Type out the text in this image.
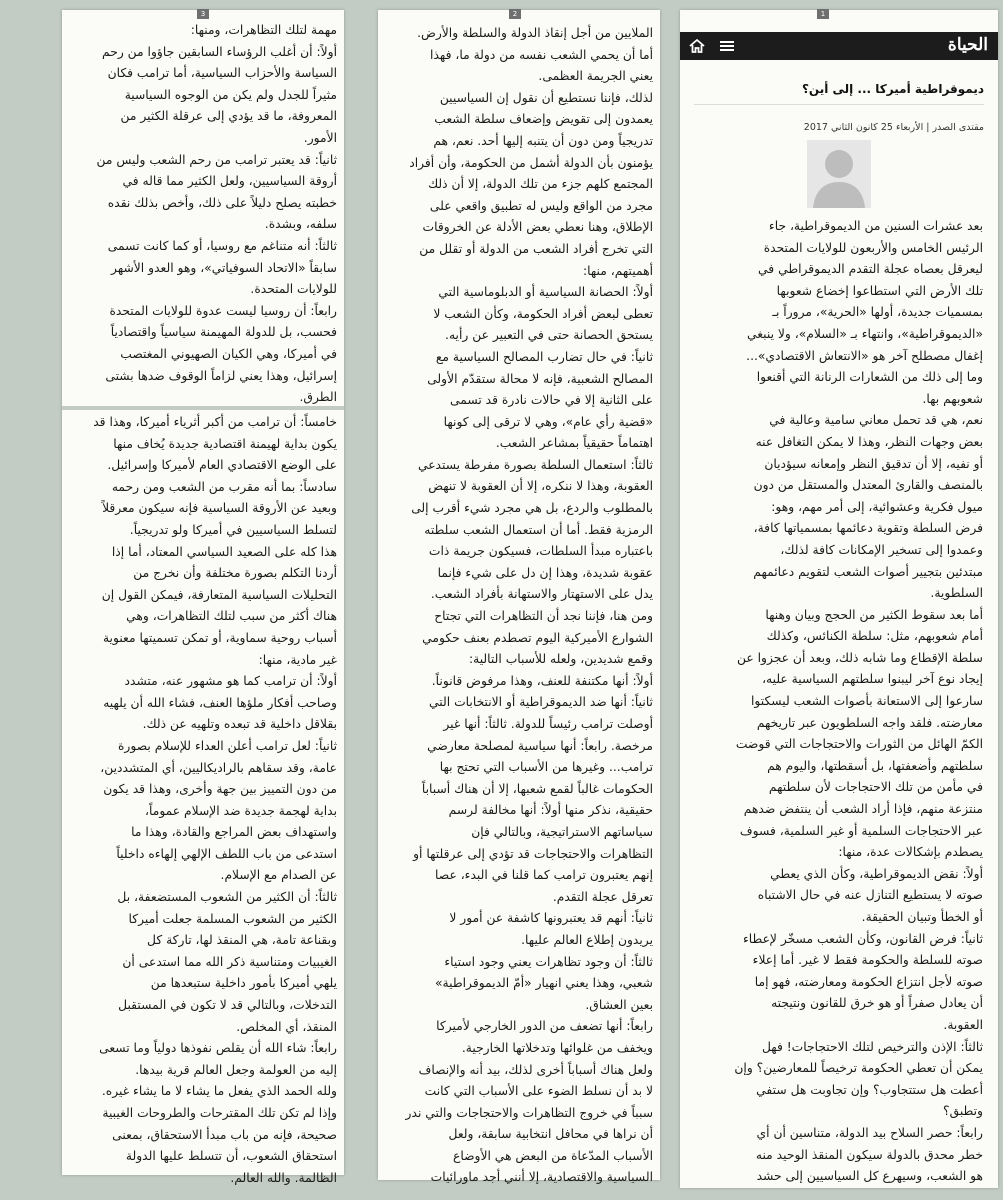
3

مهمة لتلك التظاهرات، ومنها:

أولاً: أن أغلب الرؤساء السابقين جاؤوا من رحم

السياسة والأحزاب السياسية، أما ترامب فكان

مثيراً للجدل ولم يكن من الوجوه السياسية

المعروفة، ما قد يؤدي إلى عرقلة الكثير من

الأمور.

ثانياً: قد يعتبر ترامب من رحم الشعب وليس من

أروقة السياسيين، ولعل الكثير مما قاله في

خطبته يصلح دليلاً على ذلك، وأخص بذلك نقده

سلفه، وبشدة.

ثالثاً: أنه متناغم مع روسيا، أو كما كانت تسمى

سابقاً «الاتحاد السوفياتي»، وهو العدو الأشهر

للولايات المتحدة.

رابعاً: أن روسيا ليست عدوة للولايات المتحدة

فحسب، بل للدولة المهيمنة سياسياً واقتصادياً

في أميركا، وهي الكيان الصهيوني المغتصب

إسرائيل، وهذا يعني لزاماً الوقوف ضدها بشتى

الطرق.

خامساً: أن ترامب من أكبر أثرياء أميركا، وهذا قد

يكون بداية لهيمنة اقتصادية جديدة يُخاف منها

على الوضع الاقتصادي العام لأميركا وإسرائيل.

سادساً: بما أنه مقرب من الشعب ومن رحمه

وبعيد عن الأروقة السياسية فإنه سيكون معرقلاً

لتسلط السياسيين في أميركا ولو تدريجياً.

هذا كله على الصعيد السياسي المعتاد، أما إذا

أردنا التكلم بصورة مختلفة وأن نخرج من

التحليلات السياسية المتعارفة، فيمكن القول إن

هناك أكثر من سبب لتلك التظاهرات، وهي

أسباب روحية سماوية، أو تمكن تسميتها معنوية

غير مادية، منها:

أولاً: أن ترامب كما هو مشهور عنه، متشدد

وصاحب أفكار ملؤها العنف، فشاء الله أن يلهيه

بقلاقل داخلية قد تبعده وتلهيه عن ذلك.

ثانياً: لعل ترامب أعلن العداء للإسلام بصورة

عامة، وقد سقاهم بالراديكاليين، أي المتشددين،

من دون التمييز بين جهة وأخرى، وهذا قد يكون

بداية لهجمة جديدة ضد الإسلام عموماً،

واستهداف بعض المراجع والقادة، وهذا ما

استدعى من باب اللطف الإلهي إلهاءه داخلياً

عن الصدام مع الإسلام.

ثالثاً: أن الكثير من الشعوب المستضعفة، بل

الكثير من الشعوب المسلمة جعلت أميركا

وبقناعة تامة، هي المنقذ لها، تاركة كل

الغيبيات ومتناسية ذكر الله مما استدعى أن

يلهي أميركا بأمور داخلية ستبعدها من

التدخلات، وبالتالي قد لا تكون في المستقبل

المنقذ، أي المخلص.

رابعاً: شاء الله أن يقلص نفوذها دولياً وما تسعى

إليه من العولمة وجعل العالم قرية بيدها.

ولله الحمد الذي يفعل ما يشاء لا ما يشاء غيره.

وإذا لم تكن تلك المقترحات والطروحات الغيبية

صحيحة، فإنه من باب مبدأ الاستحقاق، بمعنى

استحقاق الشعوب، أن تتسلط عليها الدولة

الظالمة. والله العالم.

2

الملايين من أجل إنقاذ الدولة والسلطة والأرض.

أما أن يحمي الشعب نفسه من دولة ما، فهذا

يعني الجريمة العظمى.

لذلك، فإننا نستطيع أن نقول إن السياسيين

يعمدون إلى تقويض وإضعاف سلطة الشعب

تدريجياً ومن دون أن يتنبه إليها أحد. نعم، هم

يؤمنون بأن الدولة أشمل من الحكومة، وأن أفراد

المجتمع كلهم جزء من تلك الدولة، إلا أن ذلك

مجرد من الواقع وليس له تطبيق واقعي على

الإطلاق، وهنا نعطي بعض الأدلة عن الخروقات

التي تخرج أفراد الشعب من الدولة أو تقلل من

أهميتهم، منها:

أولاً: الحصانة السياسية أو الدبلوماسية التي

تعطى لبعض أفراد الحكومة، وكأن الشعب لا

يستحق الحصانة حتى في التعبير عن رأيه.

ثانياً: في حال تضارب المصالح السياسية مع

المصالح الشعبية، فإنه لا محالة ستقدّم الأولى

على الثانية إلا في حالات نادرة قد تسمى

«قضية رأي عام»، وهي لا ترقى إلى كونها

اهتماماً حقيقياً بمشاعر الشعب.

ثالثاً: استعمال السلطة بصورة مفرطة يستدعي

العقوبة، وهذا لا ننكره، إلا أن العقوبة لا تنهض

بالمطلوب والردع، بل هي مجرد شيء أقرب إلى

الرمزية فقط. أما أن استعمال الشعب سلطته

باعتباره مبدأ السلطات، فسيكون جريمة ذات

عقوبة شديدة، وهذا إن دل على شيء فإنما

يدل على الاستهتار والاستهانة بأفراد الشعب.

ومن هنا، فإننا نجد أن التظاهرات التي تجتاح

الشوارع الأميركية اليوم تصطدم بعنف حكومي

وقمع شديدين، ولعله للأسباب التالية:

أولاً: أنها مكتنفة للعنف، وهذا مرفوض قانوناً.

ثانياً: أنها ضد الديموقراطية أو الانتخابات التي

أوصلت ترامب رئيساً للدولة. ثالثاً: أنها غير

مرخصة. رابعاً: أنها سياسية لمصلحة معارضي

ترامب... وغيرها من الأسباب التي تحتج بها

الحكومات غالباً لقمع شعبها، إلا أن هناك أسباباً

حقيقية، نذكر منها أولاً: أنها مخالفة لرسم

سياساتهم الاستراتيجية، وبالتالي فإن

التظاهرات والاحتجاجات قد تؤدي إلى عرقلتها أو

إنهم يعتبرون ترامب كما قلنا في البدء، عصا

تعرقل عجلة التقدم.

ثانياً: أنهم قد يعتبرونها كاشفة عن أمور لا

يريدون إطلاع العالم عليها.

ثالثاً: أن وجود تظاهرات يعني وجود استياء

شعبي، وهذا يعني انهيار «أمّ الديموقراطية»

بعين العشاق.

رابعاً: أنها تضعف من الدور الخارجي لأميركا

ويخفف من غلوائها وتدخلاتها الخارجية.

ولعل هناك أسباباً أخرى لذلك، بيد أنه والإنصاف

لا بد أن نسلط الضوء على الأسباب التي كانت

سبباً في خروج التظاهرات والاحتجاجات والتي ندر

أن نراها في محافل انتخابية سابقة، ولعل

الأسباب المدّعاة من البعض هي الأوضاع

السياسية والاقتصادية، إلا أنني أجد ماورائيات

1
الحياة
ديموقراطية أميركا ... إلى أين؟
مقتدى الصدر | الأربعاء 25 كانون الثاني 2017

بعد عشرات السنين من الديموقراطية، جاء

الرئيس الخامس والأربعون للولايات المتحدة

ليعرقل بعصاه عجلة التقدم الديموقراطي في

تلك الأرض التي استطاعوا إخضاع شعوبها

بمسميات جديدة، أولها «الحرية»، مروراً بـ

«الديموقراطية»، وانتهاء بـ «السلام»، ولا ينبغي

إغفال مصطلح آخر هو «الانتعاش الاقتصادي»...

وما إلى ذلك من الشعارات الرنانة التي أقنعوا

شعوبهم بها.

نعم، هي قد تحمل معاني سامية وعالية في

بعض وجهات النظر، وهذا لا يمكن التغافل عنه

أو نفيه، إلا أن تدقيق النظر وإمعانه سيؤديان

بالمنصف والقارئ المعتدل والمستقل من دون

ميول فكرية وعشوائية، إلى أمر مهم، وهو:

فرض السلطة وتقوية دعائمها بمسمياتها كافة،

وعمدوا إلى تسخير الإمكانات كافة لذلك،

مبتدئين بتجيير أصوات الشعب لتقويم دعائمهم

السلطوية.

أما بعد سقوط الكثير من الحجج وبيان وهنها

أمام شعوبهم، مثل: سلطة الكنائس، وكذلك

سلطة الإقطاع وما شابه ذلك، وبعد أن عجزوا عن

إيجاد نوع آخر ليبنوا سلطتهم السياسية عليه،

سارعوا إلى الاستعانة بأصوات الشعب ليسكتوا

معارضته. فلقد واجه السلطويون عبر تاريخهم

الكمّ الهائل من الثورات والاحتجاجات التي قوضت

سلطتهم وأضعفتها، بل أسقطتها، واليوم هم

في مأمن من تلك الاحتجاجات لأن سلطتهم

منتزعة منهم، فإذا أراد الشعب أن ينتفض ضدهم

عبر الاحتجاجات السلمية أو غير السلمية، فسوف

يصطدم بإشكالات عدة، منها:

أولاً: نقض الديموقراطية، وكأن الذي يعطي

صوته لا يستطيع التنازل عنه في حال الاشتباه

أو الخطأ وتبيان الحقيقة.

ثانياً: فرض القانون، وكأن الشعب مسخّر لإعطاء

صوته للسلطة والحكومة فقط لا غير. أما إعلاء

صوته لأجل انتزاع الحكومة ومعارضته، فهو إما

أن يعادل صفراً أو هو خرق للقانون ونتيجته

العقوبة.

ثالثاً: الإذن والترخيص لتلك الاحتجاجات! فهل

يمكن أن تعطي الحكومة ترخيصاً للمعارضين؟ وإن

أعطت هل ستتجاوب؟ وإن تجاوبت هل ستفي

وتطبق؟

رابعاً: حصر السلاح بيد الدولة، متناسين أن أي

خطر محدق بالدولة سيكون المنقذ الوحيد منه

هو الشعب، وسيهرع كل السياسيين إلى حشد
